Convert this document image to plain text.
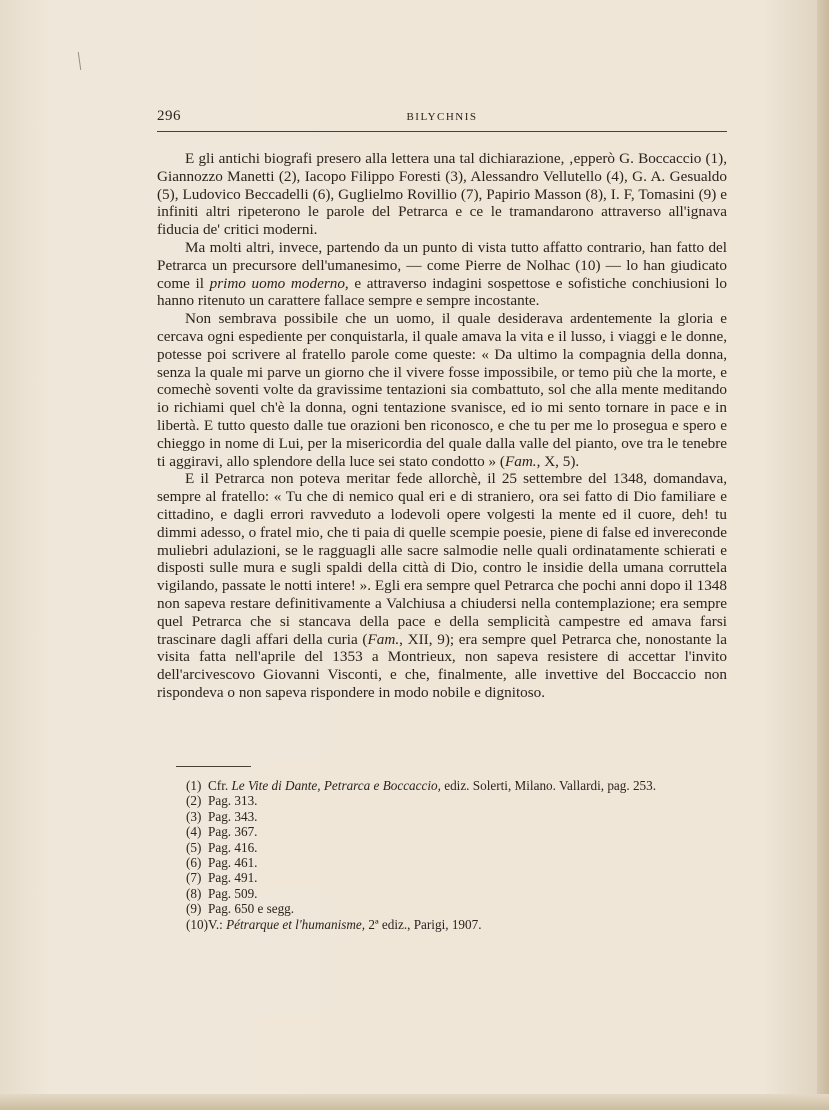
296	BILYCHNIS

E gli antichi biografi presero alla lettera una tal dichiarazione, ‚epperò G. Boccaccio (1), Giannozzo Manetti (2), Iacopo Filippo Foresti (3), Alessandro Vellutello (4), G. A. Gesualdo (5), Ludovico Beccadelli (6), Guglielmo Rovillio (7), Papirio Masson (8), I. F, Tomasini (9) e infiniti altri ripeterono le parole del Petrarca e ce le tramandarono attraverso all'ignava fiducia de' critici moderni.

Ma molti altri, invece, partendo da un punto di vista tutto affatto contrario, han fatto del Petrarca un precursore dell'umanesimo, — come Pierre de Nolhac (10) — lo han giudicato come il primo uomo moderno, e attraverso indagini sospettose e sofistiche conchiusioni lo hanno ritenuto un carattere fallace sempre e sempre incostante.

Non sembrava possibile che un uomo, il quale desiderava ardentemente la gloria e cercava ogni espediente per conquistarla, il quale amava la vita e il lusso, i viaggi e le donne, potesse poi scrivere al fratello parole come queste: « Da ultimo la compagnia della donna, senza la quale mi parve un giorno che il vivere fosse impossibile, or temo più che la morte, e comechè soventi volte da gravissime tentazioni sia combattuto, sol che alla mente meditando io richiami quel ch'è la donna, ogni tentazione svanisce, ed io mi sento tornare in pace e in libertà. E tutto questo dalle tue orazioni ben riconosco, e che tu per me lo prosegua e spero e chieggo in nome di Lui, per la misericordia del quale dalla valle del pianto, ove tra le tenebre ti aggiravi, allo splendore della luce sei stato condotto » (Fam., X, 5).

E il Petrarca non poteva meritar fede allorchè, il 25 settembre del 1348, domandava, sempre al fratello: « Tu che di nemico qual eri e di straniero, ora sei fatto di Dio familiare e cittadino, e dagli errori ravveduto a lodevoli opere volgesti la mente ed il cuore, deh! tu dimmi adesso, o fratel mio, che ti paia di quelle scempie poesie, piene di false ed invereconde muliebri adulazioni, se le ragguagli alle sacre salmodie nelle quali ordinatamente schierati e disposti sulle mura e sugli spaldi della città di Dio, contro le insidie della umana corruttela vigilando, passate le notti intere! ». Egli era sempre quel Petrarca che pochi anni dopo il 1348 non sapeva restare definitivamente a Valchiusa a chiudersi nella contemplazione; era sempre quel Petrarca che si stancava della pace e della semplicità campestre ed amava farsi trascinare dagli affari della curia (Fam., XII, 9); era sempre quel Petrarca che, nonostante la visita fatta nell'aprile del 1353 a Montrieux, non sapeva resistere di accettar l'invito dell'arcivescovo Giovanni Visconti, e che, finalmente, alle invettive del Boccaccio non rispondeva o non sapeva rispondere in modo nobile e dignitoso.

(1) Cfr. Le Vite di Dante, Petrarca e Boccaccio, ediz. Solerti, Milano. Vallardi, pag. 253.
(2) Pag. 313.
(3) Pag. 343.
(4) Pag. 367.
(5) Pag. 416.
(6) Pag. 461.
(7) Pag. 491.
(8) Pag. 509.
(9) Pag. 650 e segg.
(10)V.: Pétrarque et l'humanisme, 2ª ediz., Parigi, 1907.
